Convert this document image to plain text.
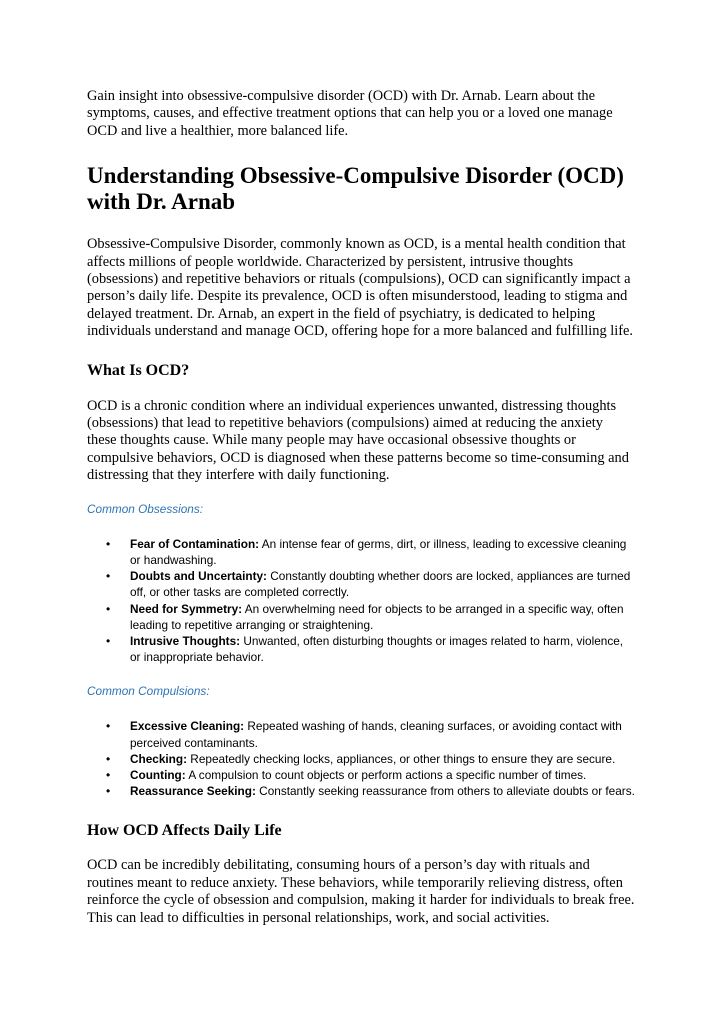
Gain insight into obsessive-compulsive disorder (OCD) with Dr. Arnab. Learn about the symptoms, causes, and effective treatment options that can help you or a loved one manage OCD and live a healthier, more balanced life.

Understanding Obsessive-Compulsive Disorder (OCD) with Dr. Arnab

Obsessive-Compulsive Disorder, commonly known as OCD, is a mental health condition that affects millions of people worldwide. Characterized by persistent, intrusive thoughts (obsessions) and repetitive behaviors or rituals (compulsions), OCD can significantly impact a person’s daily life. Despite its prevalence, OCD is often misunderstood, leading to stigma and delayed treatment. Dr. Arnab, an expert in the field of psychiatry, is dedicated to helping individuals understand and manage OCD, offering hope for a more balanced and fulfilling life.

What Is OCD?

OCD is a chronic condition where an individual experiences unwanted, distressing thoughts (obsessions) that lead to repetitive behaviors (compulsions) aimed at reducing the anxiety these thoughts cause. While many people may have occasional obsessive thoughts or compulsive behaviors, OCD is diagnosed when these patterns become so time-consuming and distressing that they interfere with daily functioning.

Common Obsessions:

• Fear of Contamination: An intense fear of germs, dirt, or illness, leading to excessive cleaning or handwashing.
• Doubts and Uncertainty: Constantly doubting whether doors are locked, appliances are turned off, or other tasks are completed correctly.
• Need for Symmetry: An overwhelming need for objects to be arranged in a specific way, often leading to repetitive arranging or straightening.
• Intrusive Thoughts: Unwanted, often disturbing thoughts or images related to harm, violence, or inappropriate behavior.

Common Compulsions:

• Excessive Cleaning: Repeated washing of hands, cleaning surfaces, or avoiding contact with perceived contaminants.
• Checking: Repeatedly checking locks, appliances, or other things to ensure they are secure.
• Counting: A compulsion to count objects or perform actions a specific number of times.
• Reassurance Seeking: Constantly seeking reassurance from others to alleviate doubts or fears.
How OCD Affects Daily Life

OCD can be incredibly debilitating, consuming hours of a person’s day with rituals and routines meant to reduce anxiety. These behaviors, while temporarily relieving distress, often reinforce the cycle of obsession and compulsion, making it harder for individuals to break free. This can lead to difficulties in personal relationships, work, and social activities.
